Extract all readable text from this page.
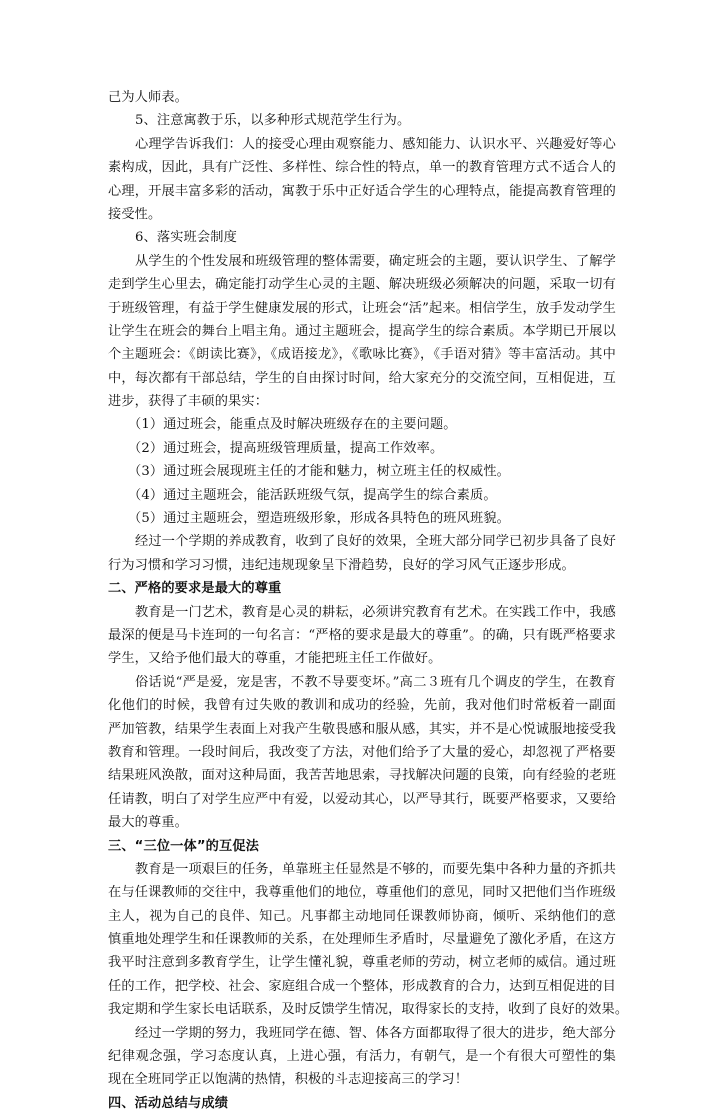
己为人师表。
5、注意寓教于乐，以多种形式规范学生行为。
心理学告诉我们：人的接受心理由观察能力、感知能力、认识水平、兴趣爱好等心
素构成，因此，具有广泛性、多样性、综合性的特点，单一的教育管理方式不适合人的
心理，开展丰富多彩的活动，寓教于乐中正好适合学生的心理特点，能提高教育管理的
接受性。
6、落实班会制度
从学生的个性发展和班级管理的整体需要，确定班会的主题，要认识学生、了解学
走到学生心里去，确定能打动学生心灵的主题、解决班级必须解决的问题，采取一切有
于班级管理，有益于学生健康发展的形式，让班会“活”起来。相信学生，放手发动学生
让学生在班会的舞台上唱主角。通过主题班会，提高学生的综合素质。本学期已开展以
个主题班会：《朗读比赛》，《成语接龙》，《歌咏比赛》，《手语对猜》等丰富活动。其中
中，每次都有干部总结，学生的自由探讨时间，给大家充分的交流空间，互相促进，互
进步，获得了丰硕的果实：
（1）通过班会，能重点及时解决班级存在的主要问题。
（2）通过班会，提高班级管理质量，提高工作效率。
（3）通过班会展现班主任的才能和魅力，树立班主任的权威性。
（4）通过主题班会，能活跃班级气氛，提高学生的综合素质。
（5）通过主题班会，塑造班级形象，形成各具特色的班风班貌。
经过一个学期的养成教育，收到了良好的效果，全班大部分同学已初步具备了良好
行为习惯和学习习惯，违纪违规现象呈下滑趋势，良好的学习风气正逐步形成。
二、严格的要求是最大的尊重
教育是一门艺术，教育是心灵的耕耘，必须讲究教育有艺术。在实践工作中，我感
最深的便是马卡连珂的一句名言：“严格的要求是最大的尊重”。的确，只有既严格要求
学生，又给予他们最大的尊重，才能把班主任工作做好。
俗话说“严是爱，宠是害，不教不导要变坏。”高二３班有几个调皮的学生，在教育
化他们的时候，我曾有过失败的教训和成功的经验，先前，我对他们时常板着一副面
严加管教，结果学生表面上对我产生敬畏感和服从感，其实，并不是心悦诚服地接受我
教育和管理。一段时间后，我改变了方法，对他们给予了大量的爱心，却忽视了严格要
结果班风涣散，面对这种局面，我苦苦地思索，寻找解决问题的良策，向有经验的老班
任请教，明白了对学生应严中有爱，以爱动其心，以严导其行，既要严格要求，又要给
最大的尊重。
三、“三位一体”的互促法
教育是一项艰巨的任务，单靠班主任显然是不够的，而要先集中各种力量的齐抓共
在与任课教师的交往中，我尊重他们的地位，尊重他们的意见，同时又把他们当作班级
主人，视为自己的良伴、知己。凡事都主动地同任课教师协商，倾听、采纳他们的意
慎重地处理学生和任课教师的关系，在处理师生矛盾时，尽量避免了激化矛盾，在这方
我平时注意到多教育学生，让学生懂礼貌，尊重老师的劳动，树立老师的威信。通过班
任的工作，把学校、社会、家庭组合成一个整体，形成教育的合力，达到互相促进的目
我定期和学生家长电话联系，及时反馈学生情况，取得家长的支持，收到了良好的效果。
经过一学期的努力，我班同学在德、智、体各方面都取得了很大的进步，绝大部分
纪律观念强，学习态度认真，上进心强，有活力，有朝气，是一个有很大可塑性的集
现在全班同学正以饱满的热情，积极的斗志迎接高三的学习！
四、活动总结与成绩
